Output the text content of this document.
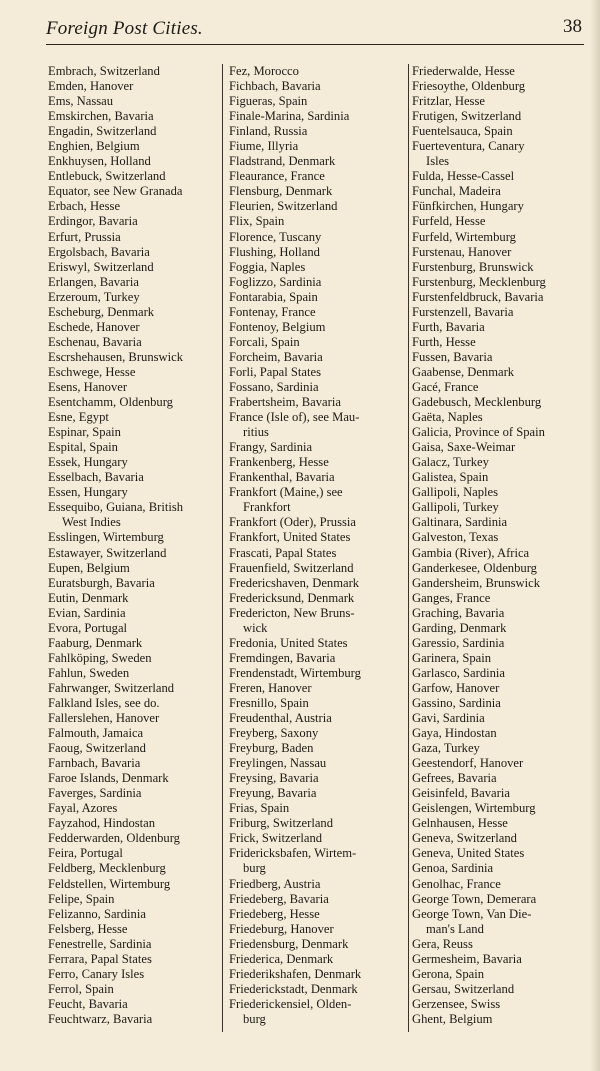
Foreign Post Cities.	38
Embrach, Switzerland
Emden, Hanover
Ems, Nassau
Emskirchen, Bavaria
Engadin, Switzerland
Enghien, Belgium
Enkhuysen, Holland
Entlebuck, Switzerland
Equator, see New Granada
Erbach, Hesse
Erdingor, Bavaria
Erfurt, Prussia
Ergolsbach, Bavaria
Eriswyl, Switzerland
Erlangen, Bavaria
Erzeroum, Turkey
Escheburg, Denmark
Eschede, Hanover
Eschenau, Bavaria
Escrshehausen, Brunswick
Eschwege, Hesse
Esens, Hanover
Esentchamm, Oldenburg
Esne, Egypt
Espinar, Spain
Espital, Spain
Essek, Hungary
Esselbach, Bavaria
Essen, Hungary
Essequibo, Guiana, British
West Indies
Esslingen, Wirtemburg
Estawayer, Switzerland
Eupen, Belgium
Euratsburgh, Bavaria
Eutin, Denmark
Evian, Sardinia
Evora, Portugal
Faaburg, Denmark
Fahlköping, Sweden
Fahlun, Sweden
Fahrwanger, Switzerland
Falkland Isles, see do.
Fallerslehen, Hanover
Falmouth, Jamaica
Faoug, Switzerland
Farnbach, Bavaria
Faroe Islands, Denmark
Faverges, Sardinia
Fayal, Azores
Fayzahod, Hindostan
Fedderwarden, Oldenburg
Feira, Portugal
Feldberg, Mecklenburg
Feldstellen, Wirtemburg
Felipe, Spain
Felizanno, Sardinia
Felsberg, Hesse
Fenestrelle, Sardinia
Ferrara, Papal States
Ferro, Canary Isles
Ferrol, Spain
Feucht, Bavaria
Feuchtwarz, Bavaria
Fez, Morocco
Fichbach, Bavaria
Figueras, Spain
Finale-Marina, Sardinia
Finland, Russia
Fiume, Illyria
Fladstrand, Denmark
Fleaurance, France
Flensburg, Denmark
Fleurien, Switzerland
Flix, Spain
Florence, Tuscany
Flushing, Holland
Foggia, Naples
Foglizzo, Sardinia
Fontarabia, Spain
Fontenay, France
Fontenoy, Belgium
Forcali, Spain
Forcheim, Bavaria
Forli, Papal States
Fossano, Sardinia
Frabertsheim, Bavaria
France (Isle of), see Mau-
ritius
Frangy, Sardinia
Frankenberg, Hesse
Frankenthal, Bavaria
Frankfort (Maine,) see
Frankfort
Frankfort (Oder), Prussia
Frankfort, United States
Frascati, Papal States
Frauenfield, Switzerland
Fredericshaven, Denmark
Fredericksund, Denmark
Fredericton, New Bruns-
wick
Fredonia, United States
Fremdingen, Bavaria
Frendenstadt, Wirtemburg
Freren, Hanover
Fresnillo, Spain
Freudenthal, Austria
Freyberg, Saxony
Freyburg, Baden
Freylingen, Nassau
Freysing, Bavaria
Freyung, Bavaria
Frias, Spain
Friburg, Switzerland
Frick, Switzerland
Fridericksbafen, Wirtem-
burg
Friedberg, Austria
Friedeberg, Bavaria
Friedeberg, Hesse
Friedeburg, Hanover
Friedensburg, Denmark
Friederica, Denmark
Friederikshafen, Denmark
Friederickstadt, Denmark
Friederickensiel, Olden-
burg
Friederwalde, Hesse
Friesoythe, Oldenburg
Fritzlar, Hesse
Frutigen, Switzerland
Fuentelsauca, Spain
Fuerteventura, Canary
Isles
Fulda, Hesse-Cassel
Funchal, Madeira
Fünfkirchen, Hungary
Furfeld, Hesse
Furfeld, Wirtemburg
Furstenau, Hanover
Furstenburg, Brunswick
Furstenburg, Mecklenburg
Furstenfeldbruck, Bavaria
Furstenzell, Bavaria
Furth, Bavaria
Furth, Hesse
Fussen, Bavaria
Gaabense, Denmark
Gacé, France
Gadebusch, Mecklenburg
Gaëta, Naples
Galicia, Province of Spain
Gaisa, Saxe-Weimar
Galacz, Turkey
Galistea, Spain
Gallipoli, Naples
Gallipoli, Turkey
Galtinara, Sardinia
Galveston, Texas
Gambia (River), Africa
Ganderkesee, Oldenburg
Gandersheim, Brunswick
Ganges, France
Graching, Bavaria
Garding, Denmark
Garessio, Sardinia
Garinera, Spain
Garlasco, Sardinia
Garfow, Hanover
Gassino, Sardinia
Gavi, Sardinia
Gaya, Hindostan
Gaza, Turkey
Geestendorf, Hanover
Gefrees, Bavaria
Geisinfeld, Bavaria
Geislengen, Wirtemburg
Gelnhausen, Hesse
Geneva, Switzerland
Geneva, United States
Genoa, Sardinia
Genolhac, France
George Town, Demerara
George Town, Van Die-
man's Land
Gera, Reuss
Germesheim, Bavaria
Gerona, Spain
Gersau, Switzerland
Gerzensee, Swiss
Ghent, Belgium
